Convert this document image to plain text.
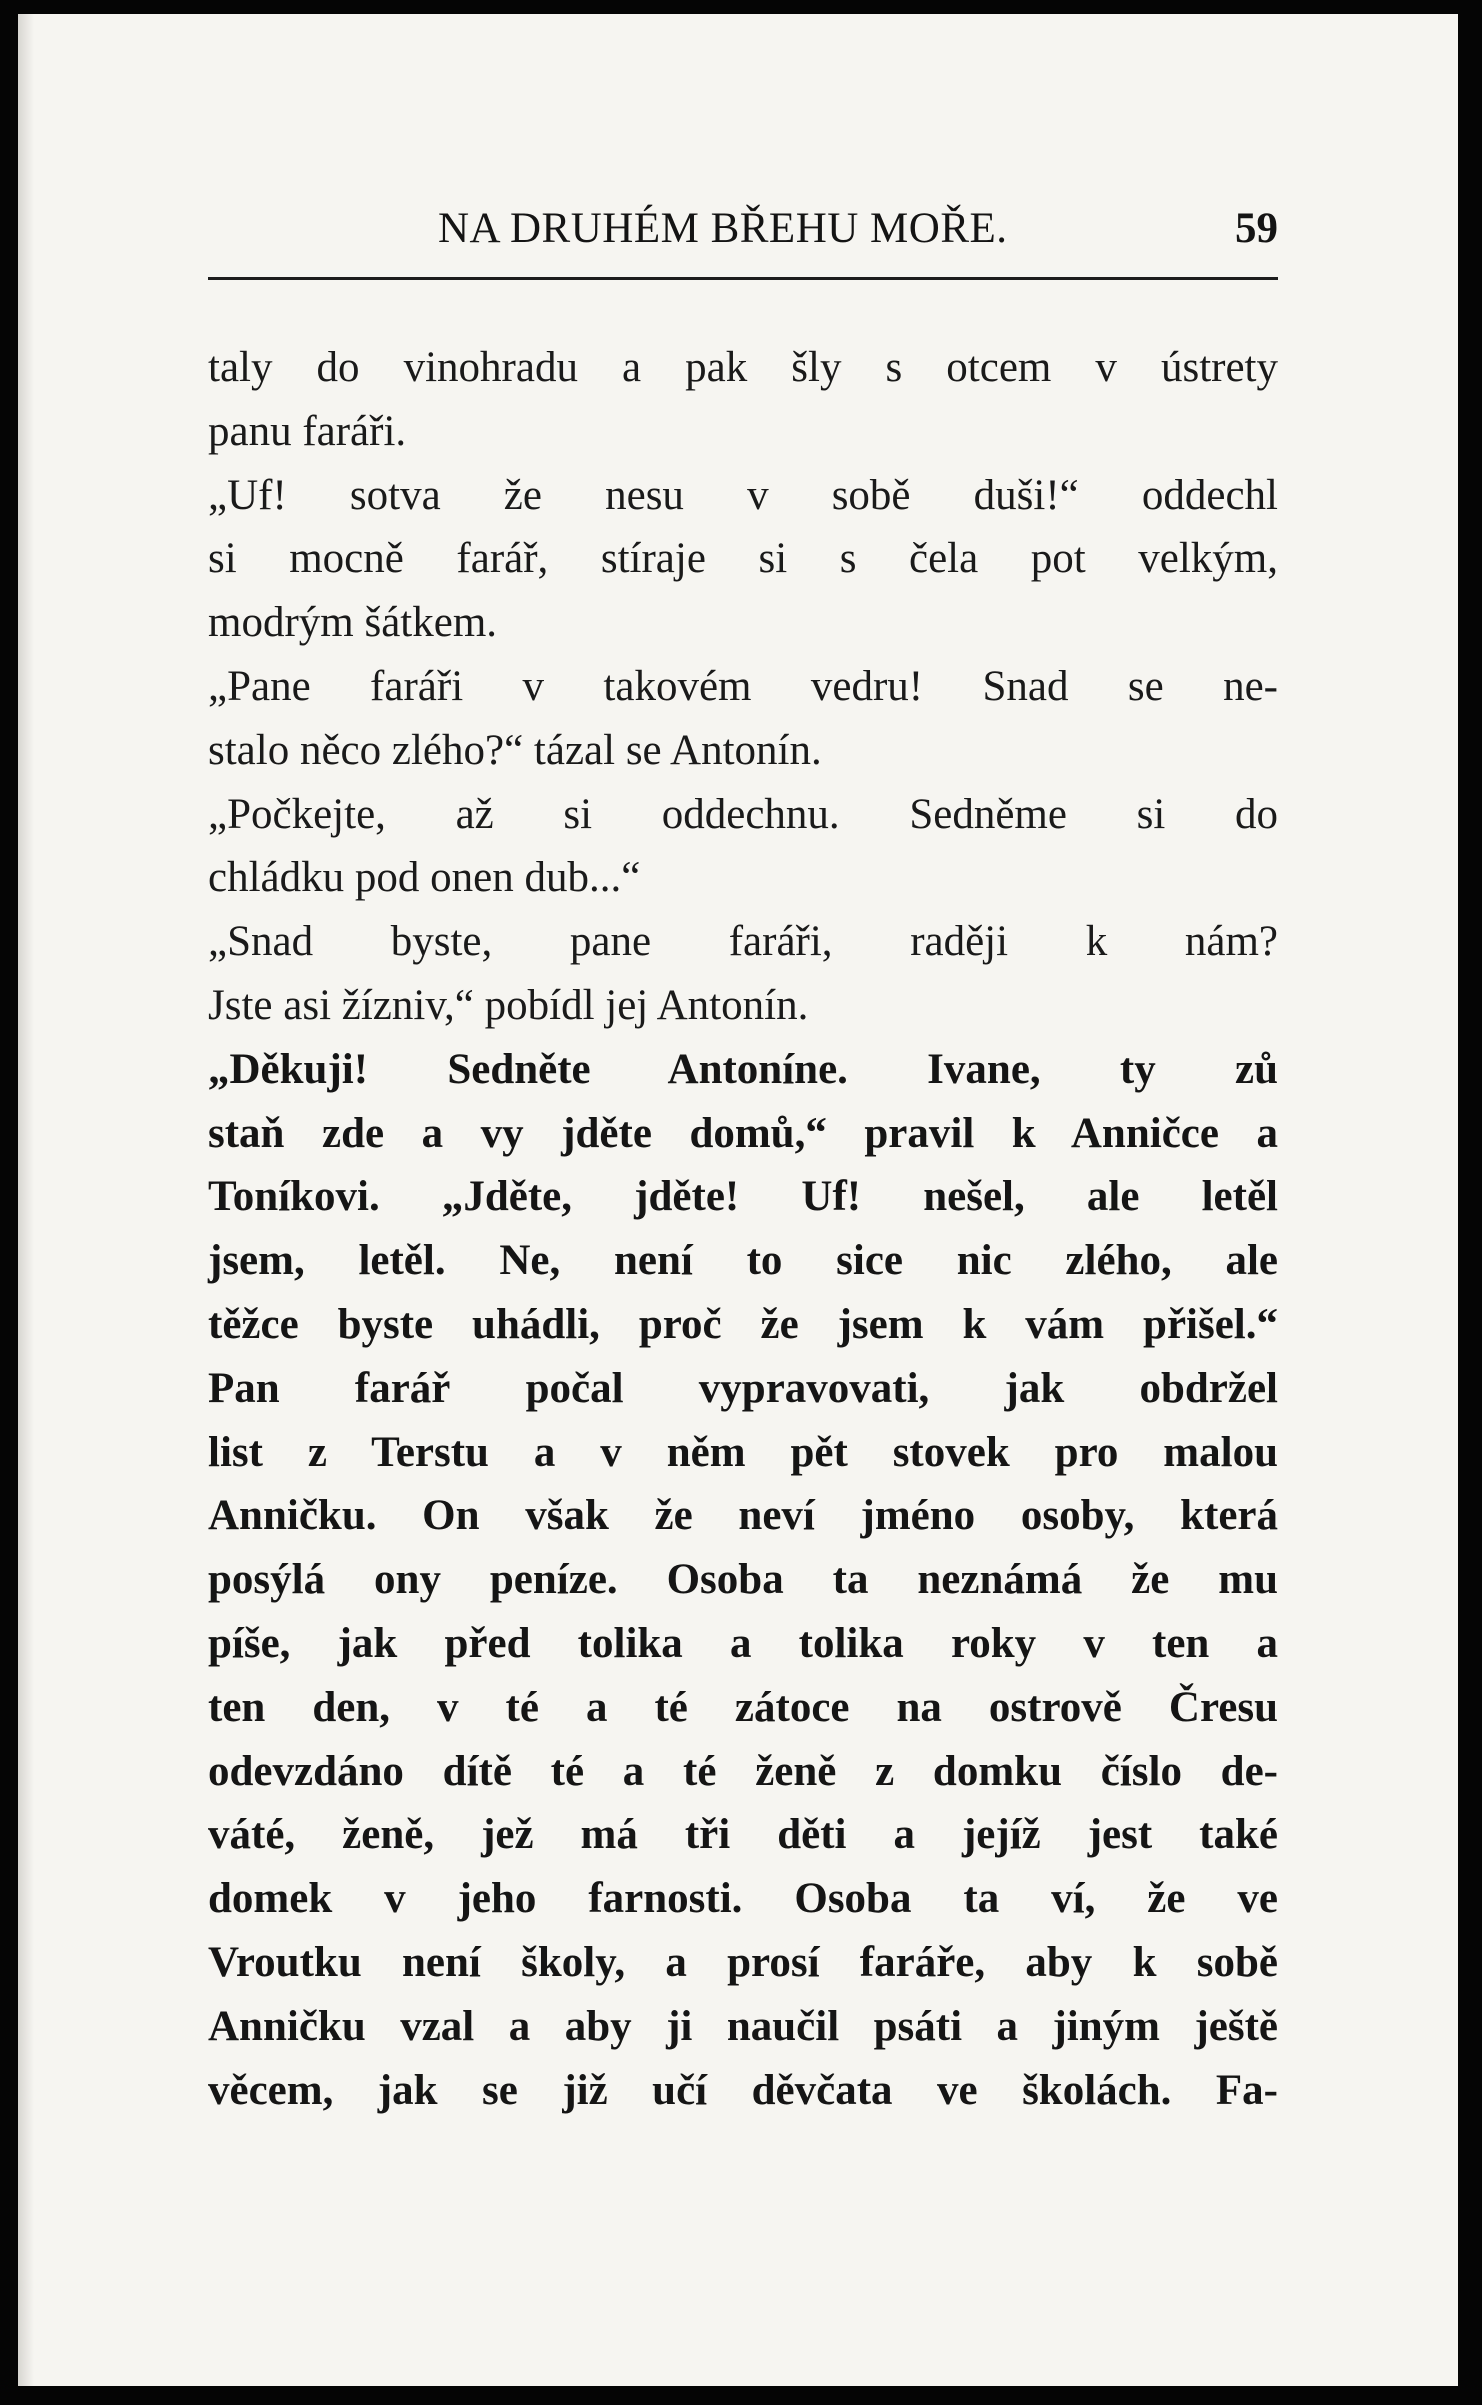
NA DRUHÉM BŘEHU MOŘE.	59
taly do vinohradu a pak šly s otcem v ústrety
panu faráři.
„Uf! sotva že nesu v sobě duši!“ oddechl
si mocně farář, stíraje si s čela pot velkým,
modrým šátkem.
„Pane faráři v takovém vedru! Snad se ne-
stalo něco zlého?“ tázal se Antonín.
„Počkejte, až si oddechnu. Sedněme si do
chládku pod onen dub...“
„Snad byste, pane faráři, raději k nám?
Jste asi žízniv,“ pobídl jej Antonín.
„Děkuji! Sedněte Antoníne. Ivane, ty zů
staň zde a vy jděte domů,“ pravil k Anničce a
Toníkovi. „Jděte, jděte! Uf! nešel, ale letěl
jsem, letěl. Ne, není to sice nic zlého, ale
těžce byste uhádli, proč že jsem k vám přišel.“
Pan farář počal vypravovati, jak obdržel
list z Terstu a v něm pět stovek pro malou
Anničku. On však že neví jméno osoby, která
posýlá ony peníze. Osoba ta neznámá že mu
píše, jak před tolika a tolika roky v ten a
ten den, v té a té zátoce na ostrově Čresu
odevzdáno dítě té a té ženě z domku číslo de-
váté, ženě, jež má tři děti a jejíž jest také
domek v jeho farnosti. Osoba ta ví, že ve
Vroutku není školy, a prosí faráře, aby k sobě
Anničku vzal a aby ji naučil psáti a jiným ještě
věcem, jak se již učí děvčata ve školách. Fa-
